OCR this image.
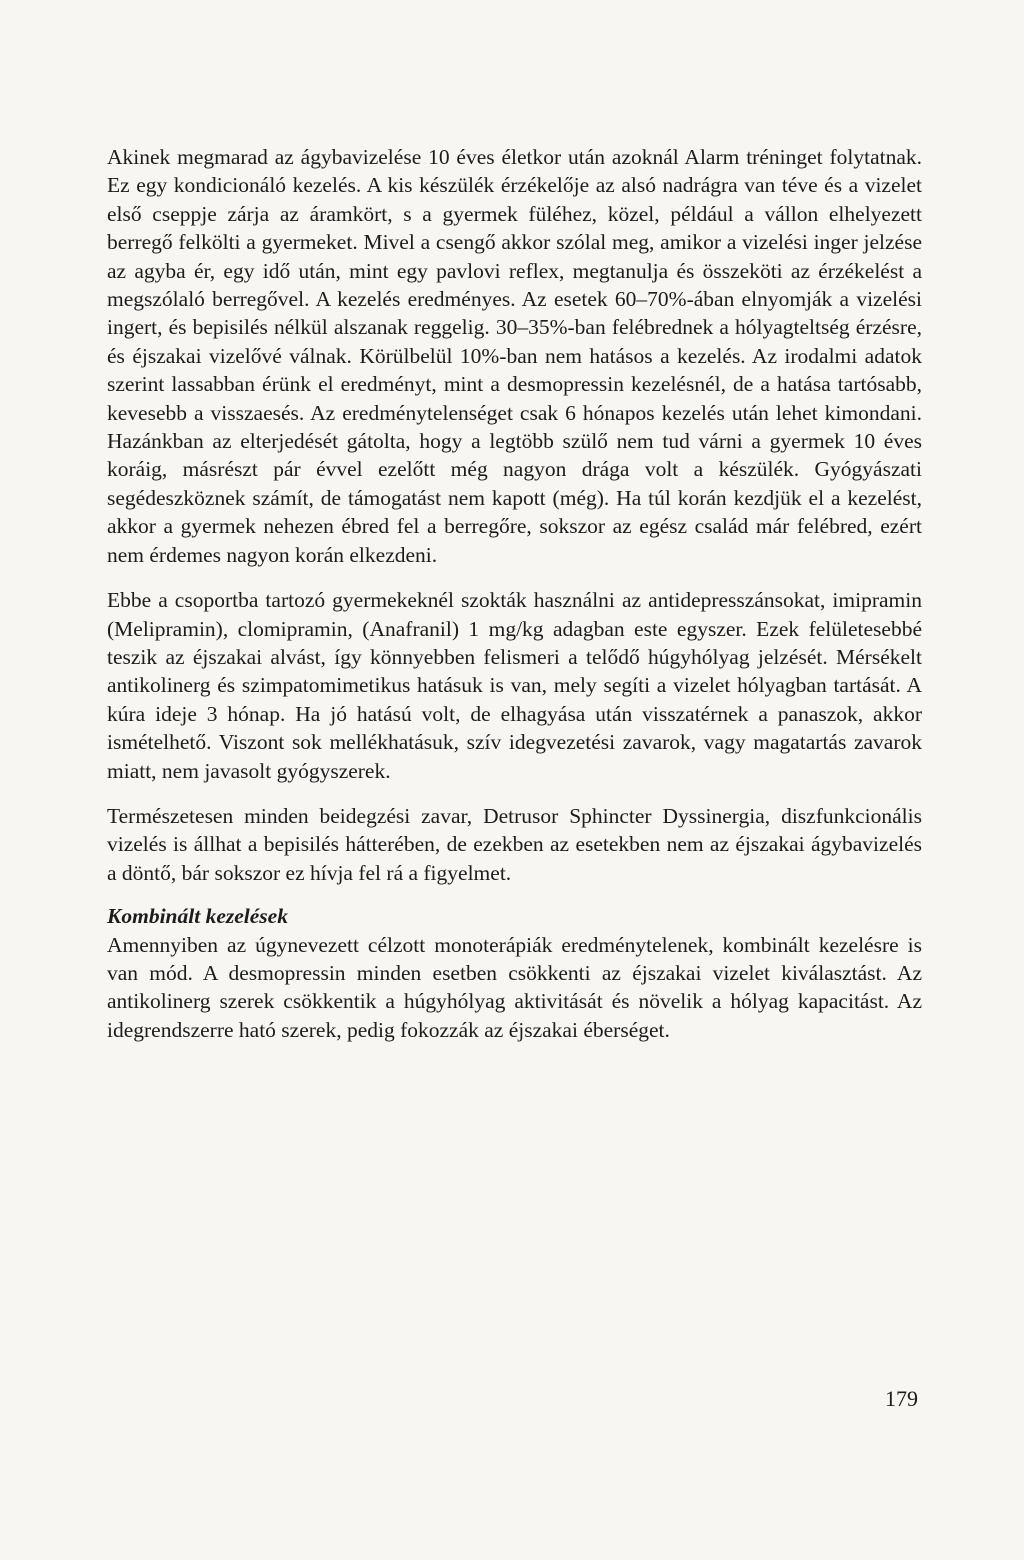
Akinek megmarad az ágybavizelése 10 éves életkor után azoknál Alarm tréninget folytatnak. Ez egy kondicionáló kezelés. A kis készülék érzékelője az alsó nadrágra van téve és a vizelet első cseppje zárja az áramkört, s a gyermek füléhez, közel, például a vállon elhelyezett berregő felkölti a gyermeket. Mivel a csengő akkor szólal meg, amikor a vizelési inger jelzése az agyba ér, egy idő után, mint egy pavlovi reflex, megtanulja és összeköti az érzékelést a megszólaló berregővel. A kezelés eredményes. Az esetek 60–70%-ában elnyomják a vizelési ingert, és bepisilés nélkül alszanak reggelig. 30–35%-ban felébrednek a hólyagteltség érzésre, és éjszakai vizelővé válnak. Körülbelül 10%-ban nem hatásos a kezelés. Az irodalmi adatok szerint lassabban érünk el eredményt, mint a desmopressin kezelésnél, de a hatása tartósabb, kevesebb a visszaesés. Az eredménytelenséget csak 6 hónapos kezelés után lehet kimondani. Hazánkban az elterjedését gátolta, hogy a legtöbb szülő nem tud várni a gyermek 10 éves koráig, másrészt pár évvel ezelőtt még nagyon drága volt a készülék. Gyógyászati segédeszköznek számít, de támogatást nem kapott (még). Ha túl korán kezdjük el a kezelést, akkor a gyermek nehezen ébred fel a berregőre, sokszor az egész család már felébred, ezért nem érdemes nagyon korán elkezdeni.

Ebbe a csoportba tartozó gyermekeknél szokták használni az antidepresszánsokat, imipramin (Melipramin), clomipramin, (Anafranil) 1 mg/kg adagban este egyszer. Ezek felületesebbé teszik az éjszakai alvást, így könnyebben felismeri a telődő húgyhólyag jelzését. Mérsékelt antikolinerg és szimpatomimetikus hatásuk is van, mely segíti a vizelet hólyagban tartását. A kúra ideje 3 hónap. Ha jó hatású volt, de elhagyása után visszatérnek a panaszok, akkor ismételhető. Viszont sok mellékhatásuk, szív idegvezetési zavarok, vagy magatartás zavarok miatt, nem javasolt gyógyszerek.

Természetesen minden beidegzési zavar, Detrusor Sphincter Dyssinergia, diszfunkcionális vizelés is állhat a bepisilés hátterében, de ezekben az esetekben nem az éjszakai ágybavizelés a döntő, bár sokszor ez hívja fel rá a figyelmet.

Kombinált kezelések

Amennyiben az úgynevezett célzott monoterápiák eredménytelenek, kombinált kezelésre is van mód. A desmopressin minden esetben csökkenti az éjszakai vizelet kiválasztást. Az antikolinerg szerek csökkentik a húgyhólyag aktivitását és növelik a hólyag kapacitást. Az idegrendszerre ható szerek, pedig fokozzák az éjszakai éberséget.

179
